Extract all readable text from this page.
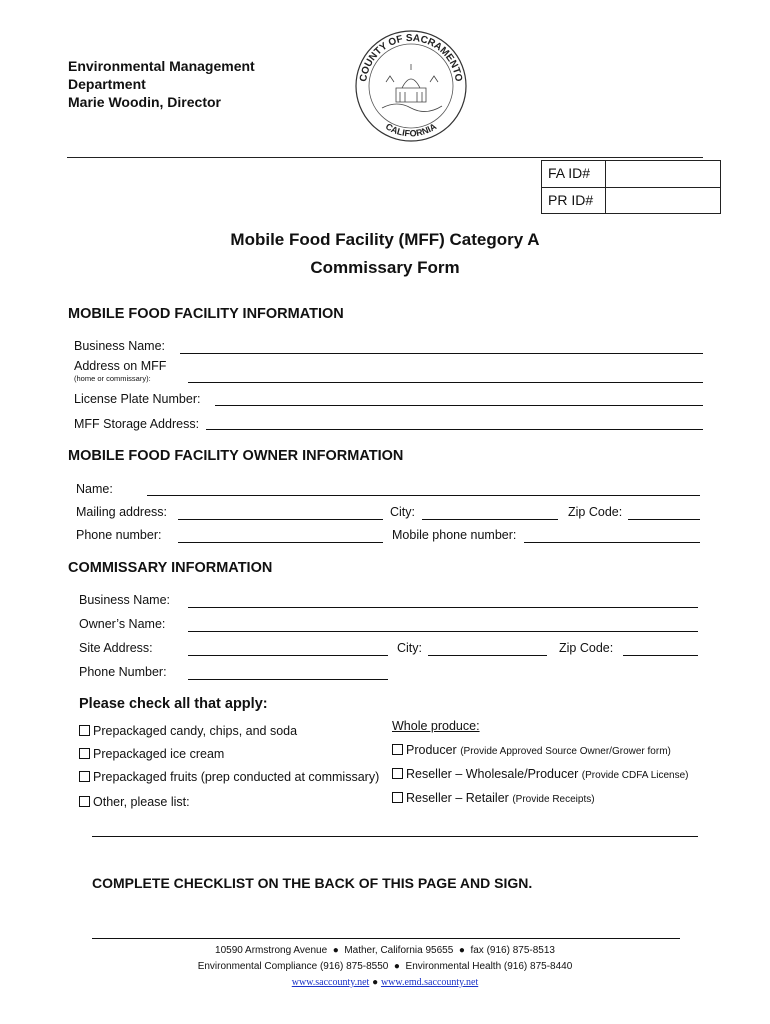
Environmental Management
Department
Marie Woodin, Director
COUNTY OF SACRAMENTO
CALIFORNIA
FA ID#
PR ID#
Mobile Food Facility (MFF) Category A
Commissary Form
MOBILE FOOD FACILITY INFORMATION
Business Name:
Address on MFF
(home or commissary):
License Plate Number:
MFF Storage Address:
MOBILE FOOD FACILITY OWNER INFORMATION
Name:
Mailing address:	City:	Zip Code:
Phone number:	Mobile phone number:
COMMISSARY INFORMATION
Business Name:
Owner’s Name:
Site Address:	City:	Zip Code:
Phone Number:
Please check all that apply:
Prepackaged candy, chips, and soda
Prepackaged ice cream
Prepackaged fruits (prep conducted at commissary)
Other, please list:
Whole produce:
Producer (Provide Approved Source Owner/Grower form)
Reseller – Wholesale/Producer (Provide CDFA License)
Reseller – Retailer (Provide Receipts)
COMPLETE CHECKLIST ON THE BACK OF THIS PAGE AND SIGN.
10590 Armstrong Avenue ● Mather, California 95655 ● fax (916) 875-8513
Environmental Compliance (916) 875-8550 ● Environmental Health (916) 875-8440
www.saccounty.net ● www.emd.saccounty.net
